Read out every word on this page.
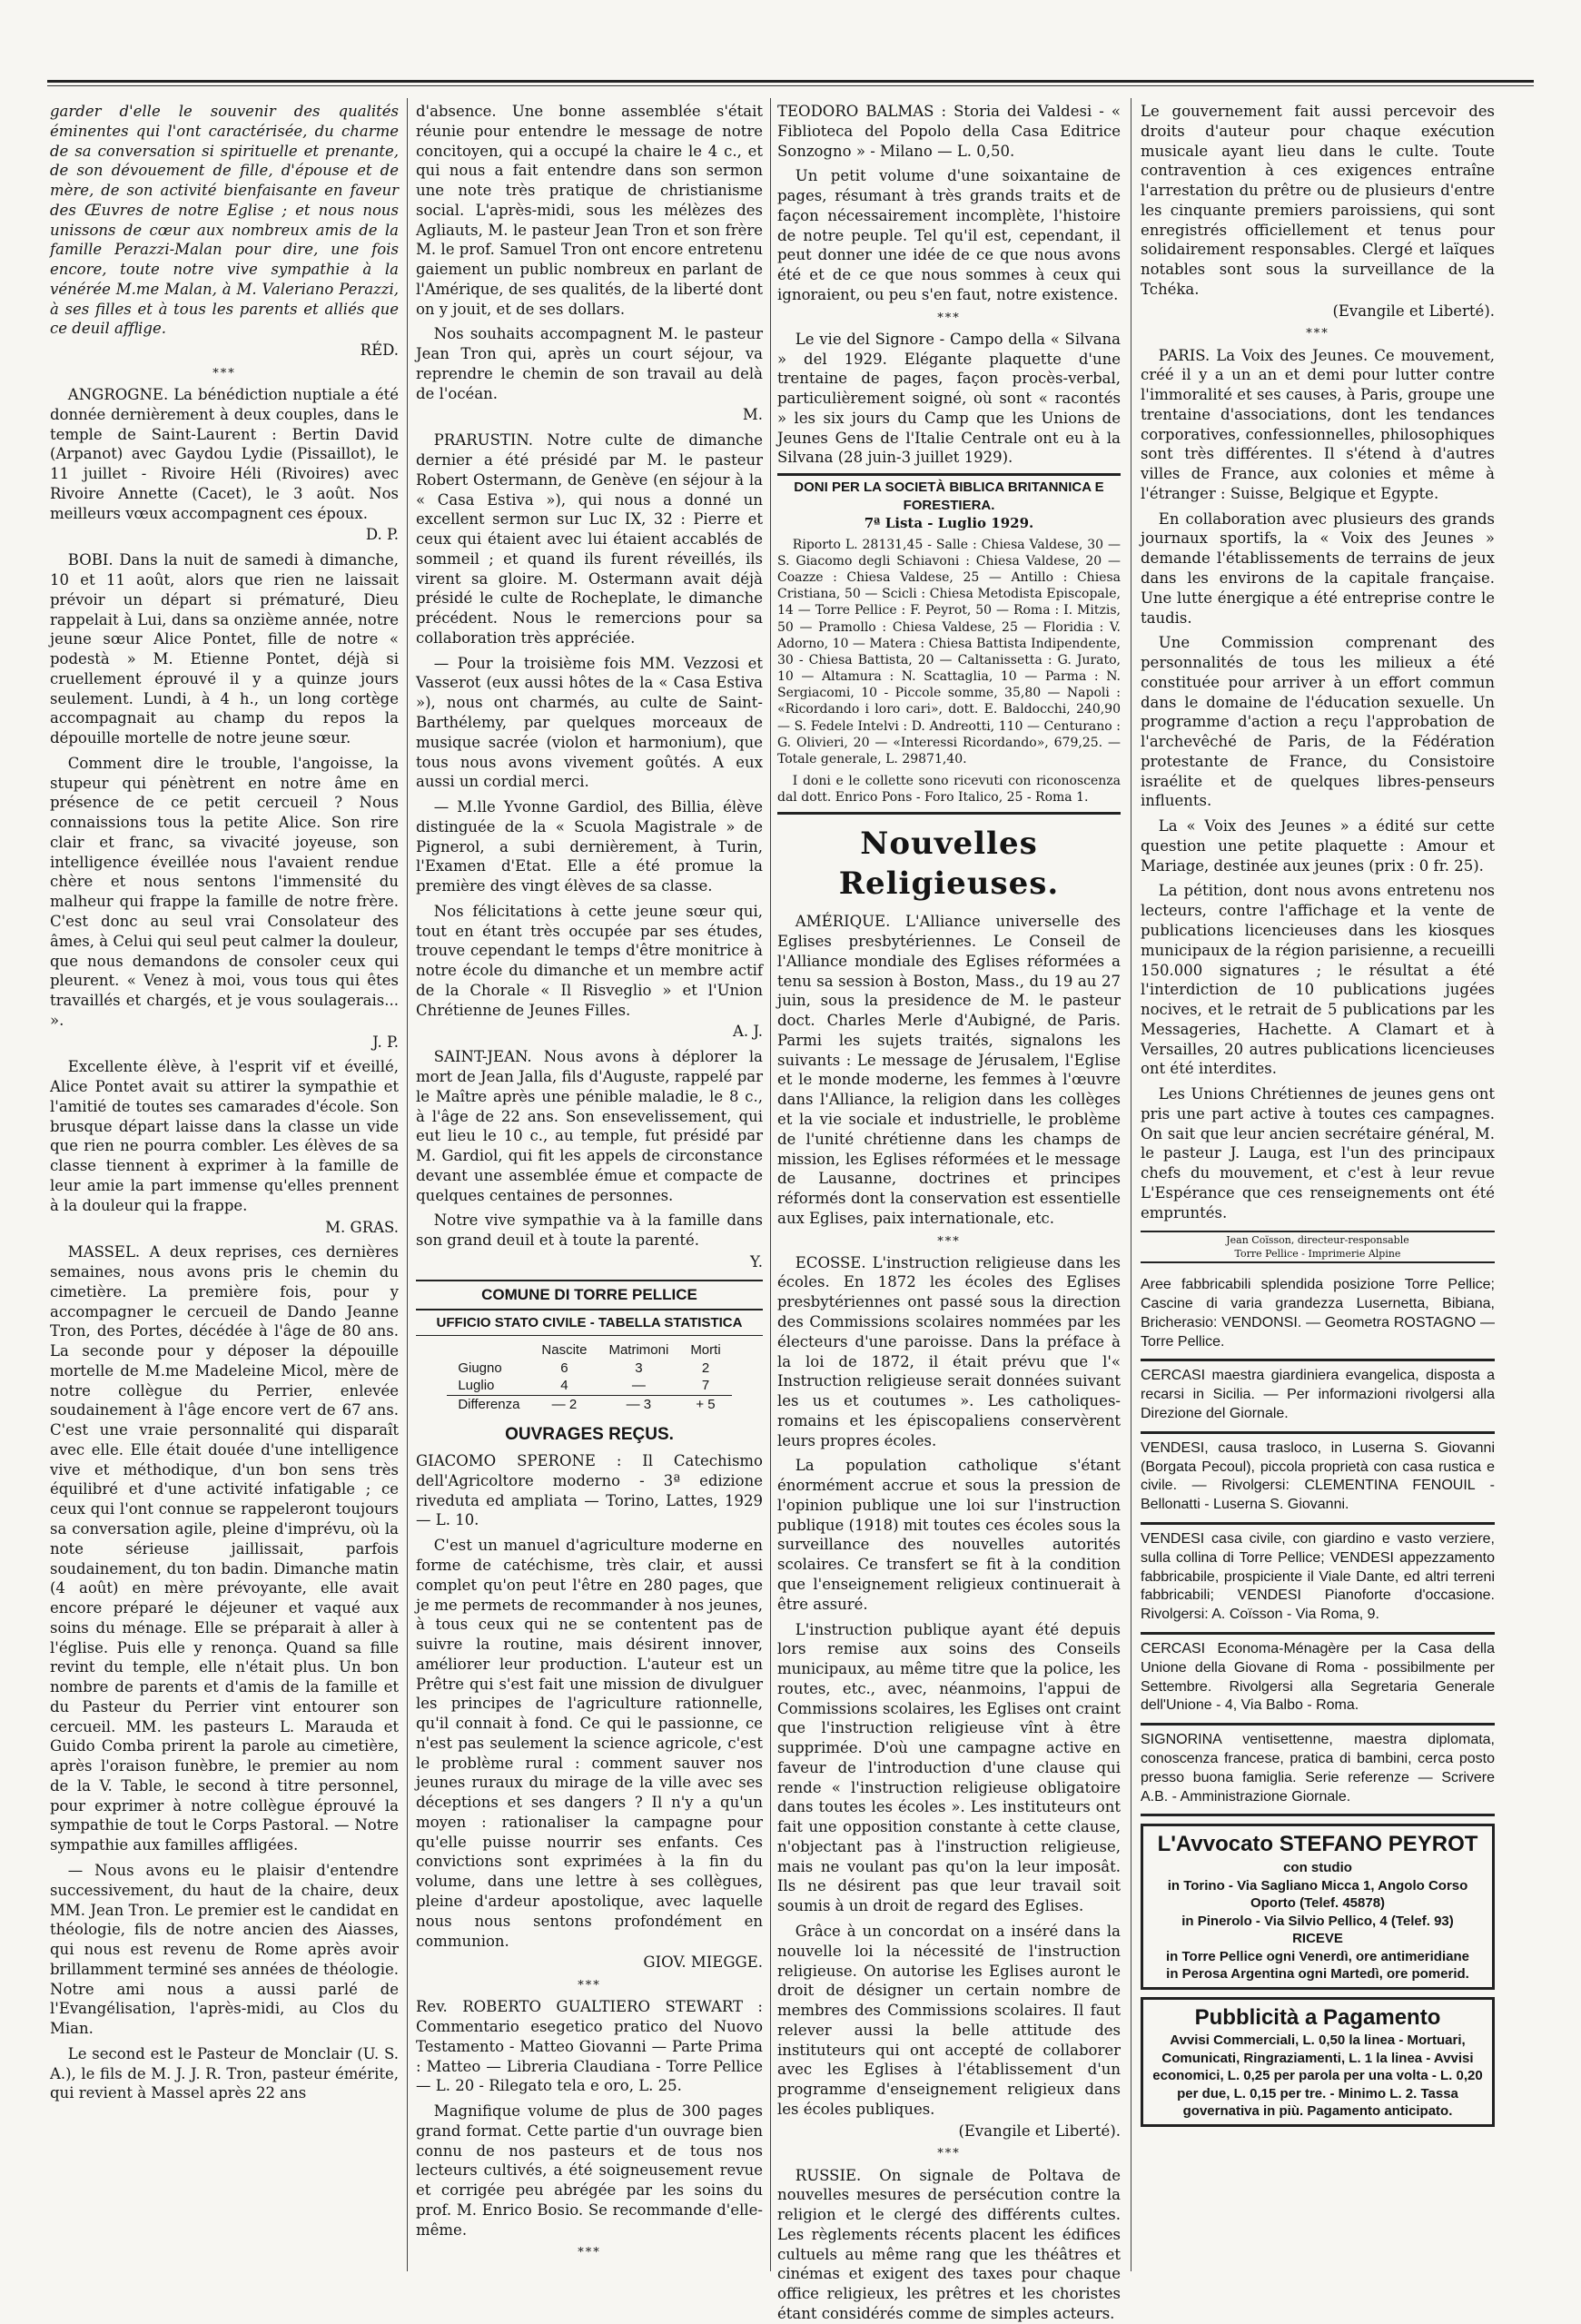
garder d'elle le souvenir des qualités éminentes qui l'ont caractérisée, du charme de sa conversation si spirituelle et prenante, de son dévouement de fille, d'épouse et de mère, de son activité bienfaisante en faveur des Œuvres de notre Eglise ; et nous nous unissons de cœur aux nombreux amis de la famille Perazzi-Malan pour dire, une fois encore, toute notre vive sympathie à la vénérée M.me Malan, à M. Valeriano Perazzi, à ses filles et à tous les parents et alliés que ce deuil afflige.

RÉD.
***

ANGROGNE. La bénédiction nuptiale a été donnée dernièrement à deux couples, dans le temple de Saint-Laurent : Bertin David (Arpanot) avec Gaydou Lydie (Pissaillot), le 11 juillet - Rivoire Héli (Rivoires) avec Rivoire Annette (Cacet), le 3 août. Nos meilleurs vœux accompagnent ces époux.

D. P.

BOBI. Dans la nuit de samedi à dimanche, 10 et 11 août, alors que rien ne laissait prévoir un départ si prématuré, Dieu rappelait à Lui, dans sa onzième année, notre jeune sœur Alice Pontet, fille de notre « podestà » M. Etienne Pontet, déjà si cruellement éprouvé il y a quinze jours seulement. Lundi, à 4 h., un long cortège accompagnait au champ du repos la dépouille mortelle de notre jeune sœur.

Comment dire le trouble, l'angoisse, la stupeur qui pénètrent en notre âme en présence de ce petit cercueil ? Nous connaissions tous la petite Alice. Son rire clair et franc, sa vivacité joyeuse, son intelligence éveillée nous l'avaient rendue chère et nous sentons l'immensité du malheur qui frappe la famille de notre frère. C'est donc au seul vrai Consolateur des âmes, à Celui qui seul peut calmer la douleur, que nous demandons de consoler ceux qui pleurent. « Venez à moi, vous tous qui êtes travaillés et chargés, et je vous soulagerais... ».

J. P.

Excellente élève, à l'esprit vif et éveillé, Alice Pontet avait su attirer la sympathie et l'amitié de toutes ses camarades d'école. Son brusque départ laisse dans la classe un vide que rien ne pourra combler. Les élèves de sa classe tiennent à exprimer à la famille de leur amie la part immense qu'elles prennent à la douleur qui la frappe.

M. GRAS.

MASSEL. A deux reprises, ces dernières semaines, nous avons pris le chemin du cimetière. La première fois, pour y accompagner le cercueil de Dando Jeanne Tron, des Portes, décédée à l'âge de 80 ans. La seconde pour y déposer la dépouille mortelle de M.me Madeleine Micol, mère de notre collègue du Perrier, enlevée soudainement à l'âge encore vert de 67 ans. C'est une vraie personnalité qui disparaît avec elle. Elle était douée d'une intelligence vive et méthodique, d'un bon sens très équilibré et d'une activité infatigable ; ce ceux qui l'ont connue se rappeleront toujours sa conversation agile, pleine d'imprévu, où la note sérieuse jaillissait, parfois soudainement, du ton badin. Dimanche matin (4 août) en mère prévoyante, elle avait encore préparé le déjeuner et vaqué aux soins du ménage. Elle se préparait à aller à l'église. Puis elle y renonça. Quand sa fille revint du temple, elle n'était plus. Un bon nombre de parents et d'amis de la famille et du Pasteur du Perrier vint entourer son cercueil. MM. les pasteurs L. Marauda et Guido Comba prirent la parole au cimetière, après l'oraison funèbre, le premier au nom de la V. Table, le second à titre personnel, pour exprimer à notre collègue éprouvé la sympathie de tout le Corps Pastoral. — Notre sympathie aux familles affligées.

— Nous avons eu le plaisir d'entendre successivement, du haut de la chaire, deux MM. Jean Tron. Le premier est le candidat en théologie, fils de notre ancien des Aiasses, qui nous est revenu de Rome après avoir brillamment terminé ses années de théologie. Notre ami nous a aussi parlé de l'Evangélisation, l'après-midi, au Clos du Mian.

Le second est le Pasteur de Monclair (U. S. A.), le fils de M. J. J. R. Tron, pasteur émérite, qui revient à Massel après 22 ans

d'absence. Une bonne assemblée s'était réunie pour entendre le message de notre concitoyen, qui a occupé la chaire le 4 c., et qui nous a fait entendre dans son sermon une note très pratique de christianisme social. L'après-midi, sous les mélèzes des Agliauts, M. le pasteur Jean Tron et son frère M. le prof. Samuel Tron ont encore entretenu gaiement un public nombreux en parlant de l'Amérique, de ses qualités, de la liberté dont on y jouit, et de ses dollars.

Nos souhaits accompagnent M. le pasteur Jean Tron qui, après un court séjour, va reprendre le chemin de son travail au delà de l'océan.

M.

PRARUSTIN. Notre culte de dimanche dernier a été présidé par M. le pasteur Robert Ostermann, de Genève (en séjour à la « Casa Estiva »), qui nous a donné un excellent sermon sur Luc IX, 32 : Pierre et ceux qui étaient avec lui étaient accablés de sommeil ; et quand ils furent réveillés, ils virent sa gloire. M. Ostermann avait déjà présidé le culte de Rocheplate, le dimanche précédent. Nous le remercions pour sa collaboration très appréciée.

— Pour la troisième fois MM. Vezzosi et Vasserot (eux aussi hôtes de la « Casa Estiva »), nous ont charmés, au culte de Saint-Barthélemy, par quelques morceaux de musique sacrée (violon et harmonium), que tous nous avons vivement goûtés. A eux aussi un cordial merci.

— M.lle Yvonne Gardiol, des Billia, élève distinguée de la « Scuola Magistrale » de Pignerol, a subi dernièrement, à Turin, l'Examen d'Etat. Elle a été promue la première des vingt élèves de sa classe.

Nos félicitations à cette jeune sœur qui, tout en étant très occupée par ses études, trouve cependant le temps d'être monitrice à notre école du dimanche et un membre actif de la Chorale « Il Risveglio » et l'Union Chrétienne de Jeunes Filles.

A. J.

SAINT-JEAN. Nous avons à déplorer la mort de Jean Jalla, fils d'Auguste, rappelé par le Maître après une pénible maladie, le 8 c., à l'âge de 22 ans. Son ensevelissement, qui eut lieu le 10 c., au temple, fut présidé par M. Gardiol, qui fit les appels de circonstance devant une assemblée émue et compacte de quelques centaines de personnes.

Notre vive sympathie va à la famille dans son grand deuil et à toute la parenté.

Y.
COMUNE DI TORRE PELLICE
UFFICIO STATO CIVILE - TABELLA STATISTICA
	Nascite	Matrimoni	Morti
Giugno	6	3	2
Luglio	4	—	7
Differenza	— 2	— 3	+ 5
OUVRAGES REÇUS.

GIACOMO SPERONE : Il Catechismo dell'Agricoltore moderno - 3ª edizione riveduta ed ampliata — Torino, Lattes, 1929 — L. 10.

C'est un manuel d'agriculture moderne en forme de catéchisme, très clair, et aussi complet qu'on peut l'être en 280 pages, que je me permets de recommander à nos jeunes, à tous ceux qui ne se contentent pas de suivre la routine, mais désirent innover, améliorer leur production. L'auteur est un Prêtre qui s'est fait une mission de divulguer les principes de l'agriculture rationnelle, qu'il connait à fond. Ce qui le passionne, ce n'est pas seulement la science agricole, c'est le problème rural : comment sauver nos jeunes ruraux du mirage de la ville avec ses déceptions et ses dangers ? Il n'y a qu'un moyen : rationaliser la campagne pour qu'elle puisse nourrir ses enfants. Ces convictions sont exprimées à la fin du volume, dans une lettre à ses collègues, pleine d'ardeur apostolique, avec laquelle nous nous sentons profondément en communion.

GIOV. MIEGGE.
***

Rev. ROBERTO GUALTIERO STEWART : Commentario esegetico pratico del Nuovo Testamento - Matteo Giovanni — Parte Prima : Matteo — Libreria Claudiana - Torre Pellice — L. 20 - Rilegato tela e oro, L. 25.

Magnifique volume de plus de 300 pages grand format. Cette partie d'un ouvrage bien connu de nos pasteurs et de tous nos lecteurs cultivés, a été soigneusement revue et corrigée peu abrégée par les soins du prof. M. Enrico Bosio. Se recommande d'elle-même.

***

TEODORO BALMAS : Storia dei Valdesi - « Fiblioteca del Popolo della Casa Editrice Sonzogno » - Milano — L. 0,50.

Un petit volume d'une soixantaine de pages, résumant à très grands traits et de façon nécessairement incomplète, l'histoire de notre peuple. Tel qu'il est, cependant, il peut donner une idée de ce que nous avons été et de ce que nous sommes à ceux qui ignoraient, ou peu s'en faut, notre existence.

***

Le vie del Signore - Campo della « Silvana » del 1929. Elégante plaquette d'une trentaine de pages, façon procès-verbal, particulièrement soigné, où sont « racontés » les six jours du Camp que les Unions de Jeunes Gens de l'Italie Centrale ont eu à la Silvana (28 juin-3 juillet 1929).

DONI PER LA SOCIETÀ BIBLICA BRITANNICA E FORESTIERA.
7ª Lista - Luglio 1929.

Riporto L. 28131,45 - Salle : Chiesa Valdese, 30 — S. Giacomo degli Schiavoni : Chiesa Valdese, 20 — Coazze : Chiesa Valdese, 25 — Antillo : Chiesa Cristiana, 50 — Scicli : Chiesa Metodista Episcopale, 14 — Torre Pellice : F. Peyrot, 50 — Roma : I. Mitzis, 50 — Pramollo : Chiesa Valdese, 25 — Floridia : V. Adorno, 10 — Matera : Chiesa Battista Indipendente, 30 - Chiesa Battista, 20 — Caltanissetta : G. Jurato, 10 — Altamura : N. Scattaglia, 10 — Parma : N. Sergiacomi, 10 - Piccole somme, 35,80 — Napoli : «Ricordando i loro cari», dott. E. Baldocchi, 240,90 — S. Fedele Intelvi : D. Andreotti, 110 — Centurano : G. Olivieri, 20 — «Interessi Ricordando», 679,25. — Totale generale, L. 29871,40.

I doni e le collette sono ricevuti con riconoscenza dal dott. Enrico Pons - Foro Italico, 25 - Roma 1.

Nouvelles Religieuses.

AMÉRIQUE. L'Alliance universelle des Eglises presbytériennes. Le Conseil de l'Alliance mondiale des Eglises réformées a tenu sa session à Boston, Mass., du 19 au 27 juin, sous la presidence de M. le pasteur doct. Charles Merle d'Aubigné, de Paris. Parmi les sujets traités, signalons les suivants : Le message de Jérusalem, l'Eglise et le monde moderne, les femmes à l'œuvre dans l'Alliance, la religion dans les collèges et la vie sociale et industrielle, le problème de l'unité chrétienne dans les champs de mission, les Eglises réformées et le message de Lausanne, doctrines et principes réformés dont la conservation est essentielle aux Eglises, paix internationale, etc.

***

ECOSSE. L'instruction religieuse dans les écoles. En 1872 les écoles des Eglises presbytériennes ont passé sous la direction des Commissions scolaires nommées par les électeurs d'une paroisse. Dans la préface à la loi de 1872, il était prévu que l'« Instruction religieuse serait données suivant les us et coutumes ». Les catholiques-romains et les épiscopaliens conservèrent leurs propres écoles.

La population catholique s'étant énormément accrue et sous la pression de l'opinion publique une loi sur l'instruction publique (1918) mit toutes ces écoles sous la surveillance des nouvelles autorités scolaires. Ce transfert se fit à la condition que l'enseignement religieux continuerait à être assuré.

L'instruction publique ayant été depuis lors remise aux soins des Conseils municipaux, au même titre que la police, les routes, etc., avec, néanmoins, l'appui de Commissions scolaires, les Eglises ont craint que l'instruction religieuse vînt à être supprimée. D'où une campagne active en faveur de l'introduction d'une clause qui rende « l'instruction religieuse obligatoire dans toutes les écoles ». Les instituteurs ont fait une opposition constante à cette clause, n'objectant pas à l'instruction religieuse, mais ne voulant pas qu'on la leur imposât. Ils ne désirent pas que leur travail soit soumis à un droit de regard des Eglises.

Grâce à un concordat on a inséré dans la nouvelle loi la nécessité de l'instruction religieuse. On autorise les Eglises auront le droit de désigner un certain nombre de membres des Commissions scolaires. Il faut relever aussi la belle attitude des instituteurs qui ont accepté de collaborer avec les Eglises à l'établissement d'un programme d'enseignement religieux dans les écoles publiques.

(Evangile et Liberté).
***

RUSSIE. On signale de Poltava de nouvelles mesures de persécution contre la religion et le clergé des différents cultes. Les règlements récents placent les édifices cultuels au même rang que les théâtres et cinémas et exigent des taxes pour chaque office religieux, les prêtres et les choristes étant considérés comme de simples acteurs.

Le gouvernement fait aussi percevoir des droits d'auteur pour chaque exécution musicale ayant lieu dans le culte. Toute contravention à ces exigences entraîne l'arrestation du prêtre ou de plusieurs d'entre les cinquante premiers paroissiens, qui sont enregistrés officiellement et tenus pour solidairement responsables. Clergé et laïques notables sont sous la surveillance de la Tchéka.

(Evangile et Liberté).
***

PARIS. La Voix des Jeunes. Ce mouvement, créé il y a un an et demi pour lutter contre l'immoralité et ses causes, à Paris, groupe une trentaine d'associations, dont les tendances corporatives, confessionnelles, philosophiques sont très différentes. Il s'étend à d'autres villes de France, aux colonies et même à l'étranger : Suisse, Belgique et Egypte.

En collaboration avec plusieurs des grands journaux sportifs, la « Voix des Jeunes » demande l'établissements de terrains de jeux dans les environs de la capitale française. Une lutte énergique a été entreprise contre le taudis.

Une Commission comprenant des personnalités de tous les milieux a été constituée pour arriver à un effort commun dans le domaine de l'éducation sexuelle. Un programme d'action a reçu l'approbation de l'archevêché de Paris, de la Fédération protestante de France, du Consistoire israélite et de quelques libres-penseurs influents.

La « Voix des Jeunes » a édité sur cette question une petite plaquette : Amour et Mariage, destinée aux jeunes (prix : 0 fr. 25).

La pétition, dont nous avons entretenu nos lecteurs, contre l'affichage et la vente de publications licencieuses dans les kiosques municipaux de la région parisienne, a recueilli 150.000 signatures ; le résultat a été l'interdiction de 10 publications jugées nocives, et le retrait de 5 publications par les Messageries, Hachette. A Clamart et à Versailles, 20 autres publications licencieuses ont été interdites.

Les Unions Chrétiennes de jeunes gens ont pris une part active à toutes ces campagnes. On sait que leur ancien secrétaire général, M. le pasteur J. Lauga, est l'un des principaux chefs du mouvement, et c'est à leur revue L'Espérance que ces renseignements ont été empruntés.

Jean Coïsson, directeur-responsable
Torre Pellice - Imprimerie Alpine
Aree fabbricabili splendida posizione Torre Pellice; Cascine di varia grandezza Lusernetta, Bibiana, Bricherasio: VENDONSI. — Geometra ROSTAGNO — Torre Pellice.
CERCASI maestra giardiniera evangelica, disposta a recarsi in Sicilia. — Per informazioni rivolgersi alla Direzione del Giornale.
VENDESI, causa trasloco, in Luserna S. Giovanni (Borgata Pecoul), piccola proprietà con casa rustica e civile. — Rivolgersi: CLEMENTINA FENOUIL - Bellonatti - Luserna S. Giovanni.
VENDESI casa civile, con giardino e vasto verziere, sulla collina di Torre Pellice; VENDESI appezzamento fabbricabile, prospiciente il Viale Dante, ed altri terreni fabbricabili; VENDESI Pianoforte d'occasione. Rivolgersi: A. Coïsson - Via Roma, 9.
CERCASI Economa-Ménagère per la Casa della Unione della Giovane di Roma - possibilmente per Settembre. Rivolgersi alla Segretaria Generale dell'Unione - 4, Via Balbo - Roma.
SIGNORINA ventisettenne, maestra diplomata, conoscenza francese, pratica di bambini, cerca posto presso buona famiglia. Serie referenze — Scrivere A.B. - Amministrazione Giornale.
L'Avvocato STEFANO PEYROT
con studio
in Torino - Via Sagliano Micca 1, Angolo Corso Oporto (Telef. 45878)
in Pinerolo - Via Silvio Pellico, 4 (Telef. 93)
RICEVE
in Torre Pellice ogni Venerdì, ore antimeridiane
in Perosa Argentina ogni Martedì, ore pomerid.
Pubblicità a Pagamento
Avvisi Commerciali, L. 0,50 la linea - Mortuari, Comunicati, Ringraziamenti, L. 1 la linea - Avvisi economici, L. 0,25 per parola per una volta - L. 0,20 per due, L. 0,15 per tre. - Minimo L. 2. Tassa governativa in più. Pagamento anticipato.
